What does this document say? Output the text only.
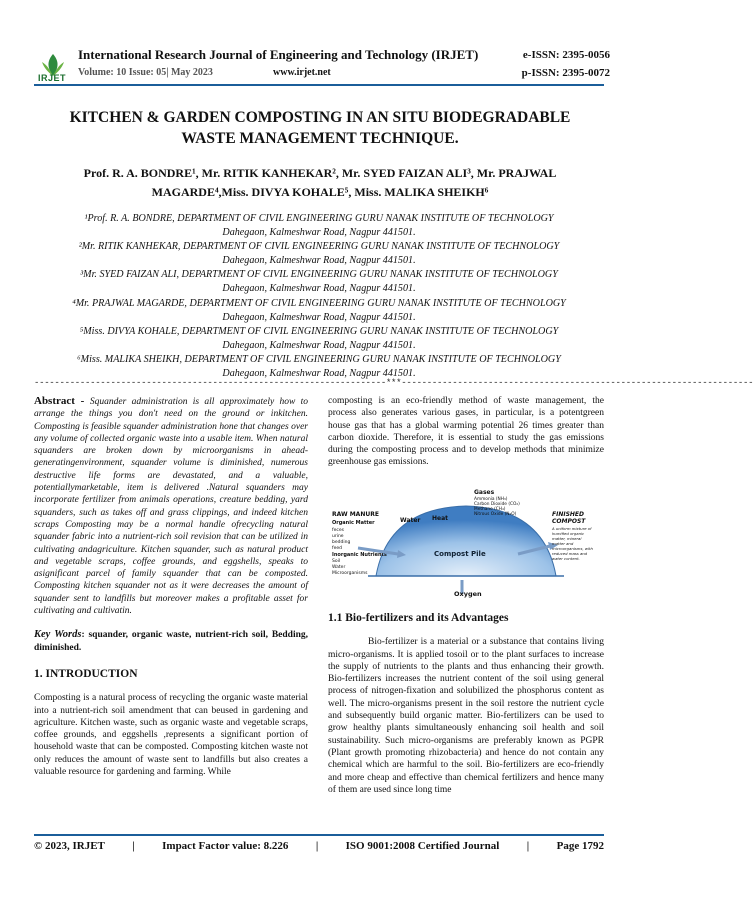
IRJET
International Research Journal of Engineering and Technology (IRJET)	e-ISSN: 2395-0056
Volume: 10 Issue: 05| May 2023	www.irjet.net	p-ISSN: 2395-0072
KITCHEN & GARDEN COMPOSTING IN AN SITU BIODEGRADABLE
WASTE MANAGEMENT TECHNIQUE.
Prof. R. A. BONDRE¹, Mr. RITIK KANHEKAR², Mr. SYED FAIZAN ALI³, Mr. PRAJWAL
MAGARDE⁴,Miss. DIVYA KOHALE⁵, Miss. MALIKA SHEIKH⁶
¹Prof. R. A. BONDRE, DEPARTMENT OF CIVIL ENGINEERING GURU NANAK INSTITUTE OF TECHNOLOGY
Dahegaon, Kalmeshwar Road, Nagpur 441501.
²Mr. RITIK KANHEKAR, DEPARTMENT OF CIVIL ENGINEERING GURU NANAK INSTITUTE OF TECHNOLOGY
Dahegaon, Kalmeshwar Road, Nagpur 441501.
³Mr. SYED FAIZAN ALI, DEPARTMENT OF CIVIL ENGINEERING GURU NANAK INSTITUTE OF TECHNOLOGY
Dahegaon, Kalmeshwar Road, Nagpur 441501.
⁴Mr. PRAJWAL MAGARDE, DEPARTMENT OF CIVIL ENGINEERING GURU NANAK INSTITUTE OF TECHNOLOGY
Dahegaon, Kalmeshwar Road, Nagpur 441501.
⁵Miss. DIVYA KOHALE, DEPARTMENT OF CIVIL ENGINEERING GURU NANAK INSTITUTE OF TECHNOLOGY
Dahegaon, Kalmeshwar Road, Nagpur 441501.
⁶Miss. MALIKA SHEIKH, DEPARTMENT OF CIVIL ENGINEERING GURU NANAK INSTITUTE OF TECHNOLOGY
Dahegaon, Kalmeshwar Road, Nagpur 441501.
---------------------------------------------------------------------***---------------------------------------------------------------------

Abstract - Squander administration is all approximately how to arrange the things you don't need on the ground or inkitchen. Composting is feasible squander administration hone that changes over any volume of collected organic waste into a usable item. When natural squanders are broken down by microorganisms in ahead-generatingenvironment, squander volume is diminished, numerous destructive life forms are devastated, and a valuable, potentiallymarketable, item is delivered .Natural squanders may incorporate fertilizer from animals operations, creature bedding, yard squanders, such as takes off and grass clippings, and indeed kitchen scraps Composting may be a normal handle ofrecycling natural squander fabric into a nutrient-rich soil revision that can be utilized in cultivating andagriculture. Kitchen squander, such as natural product and vegetable scraps, coffee grounds, and eggshells, speaks to asignificant parcel of family squander that can be composted. Composting kitchen squander not as it were decreases the amount of squander sent to landfills but moreover makes a profitable asset for cultivating and cultivatin.

Key Words: squander, organic waste, nutrient-rich soil, Bedding, diminished.

1. INTRODUCTION

Composting is a natural process of recycling the organic waste material into a nutrient-rich soil amendment that can beused in gardening and agriculture. Kitchen waste, such as organic waste and vegetable scraps, coffee grounds, and eggshells ,represents a significant portion of household waste that can be composted. Composting kitchen waste not only reduces the amount of waste sent to landfills but also creates a valuable resource for gardening and farming. While

composting is an eco-friendly method of waste management, the process also generates various gases, in particular, is a potentgreen house gas that has a global warming potential 26 times greater than carbon dioxide. Therefore, it is essential to study the gas emissions during the composting process and to develop methods that minimize greenhouse gas emissions.

RAW MANURE
Organic Matter
feces
urine
bedding
feed
Inorganic Nutrients
Soil
Water
Microorganisms
Water Heat
Gases
Ammonia (NH₃)
Carbon Dioxide (CO₂)
Methane (CH₄)
Nitrous Oxide (N₂O)
Compost Pile
FINISHED
COMPOST
A uniform mixture of
humified organic
matter, mineral
matter and
microorganisms, with
reduced mass and
water content.
Oxygen

1.1 Bio-fertilizers and its Advantages

Bio-fertilizer is a material or a substance that contains living micro-organisms. It is applied tosoil or to the plant surfaces to increase the supply of nutrients to the plants and thus enhancing their growth. Bio-fertilizers increases the nutrient content of the soil using general process of nitrogen-fixation and solubilized the phosphorus content as well. The micro-organisms present in the soil restore the nutrient cycle and subsequently build organic matter. Bio-fertilizers can be used to grow healthy plants simultaneously enhancing soil health and soil sustainability. Such micro-organisms are preferably known as PGPR (Plant growth promoting rhizobacteria) and hence do not contain any chemical which are harmful to the soil. Bio-fertilizers are eco-friendly and more cheap and effective than chemical fertilizers and hence many of them are used since long time

© 2023, IRJET | Impact Factor value: 8.226 | ISO 9001:2008 Certified Journal | Page 1792
